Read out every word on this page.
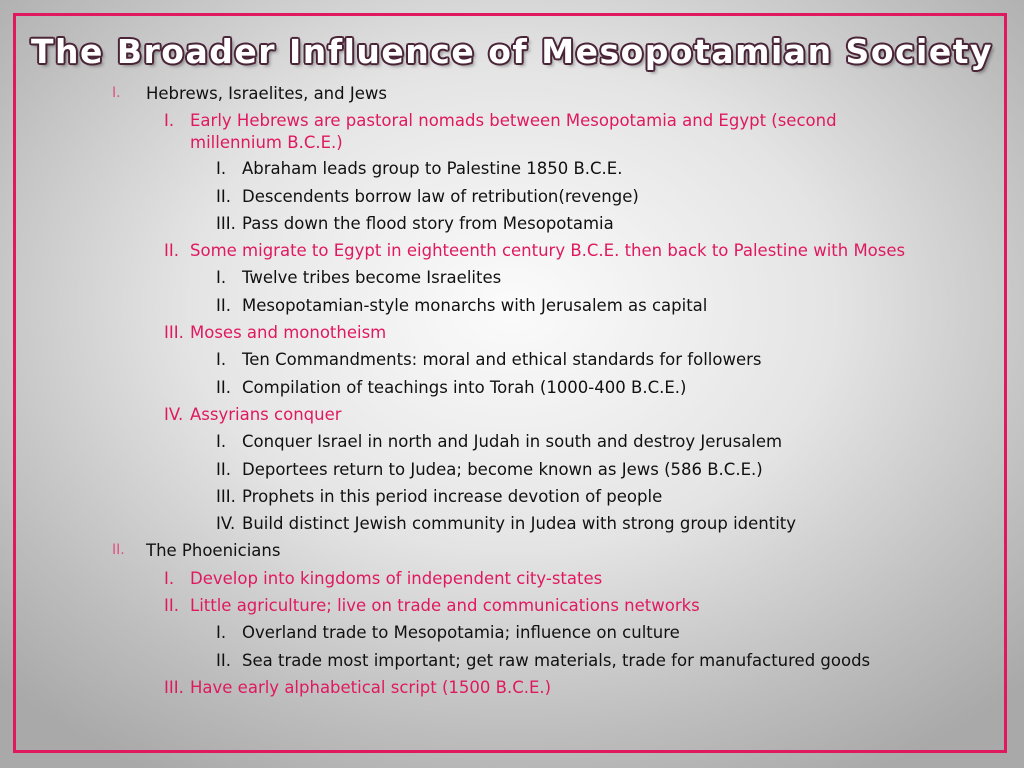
The Broader Influence of Mesopotamian Society
I. Hebrews, Israelites, and Jews
I. Early Hebrews are pastoral nomads between Mesopotamia and Egypt (second millennium B.C.E.)
I. Abraham leads group to Palestine 1850 B.C.E.
II. Descendents borrow law of retribution(revenge)
III. Pass down the flood story from Mesopotamia
II. Some migrate to Egypt in eighteenth century B.C.E. then back to Palestine with Moses
I. Twelve tribes become Israelites
II. Mesopotamian-style monarchs with Jerusalem as capital
III. Moses and monotheism
I. Ten Commandments: moral and ethical standards for followers
II. Compilation of teachings into Torah (1000-400 B.C.E.)
IV. Assyrians conquer
I. Conquer Israel in north and Judah in south and destroy Jerusalem
II. Deportees return to Judea; become known as Jews (586 B.C.E.)
III. Prophets in this period increase devotion of people
IV. Build distinct Jewish community in Judea with strong group identity
II. The Phoenicians
I. Develop into kingdoms of independent city-states
II. Little agriculture; live on trade and communications networks
I. Overland trade to Mesopotamia; influence on culture
II. Sea trade most important; get raw materials, trade for manufactured goods
III. Have early alphabetical script (1500 B.C.E.)
